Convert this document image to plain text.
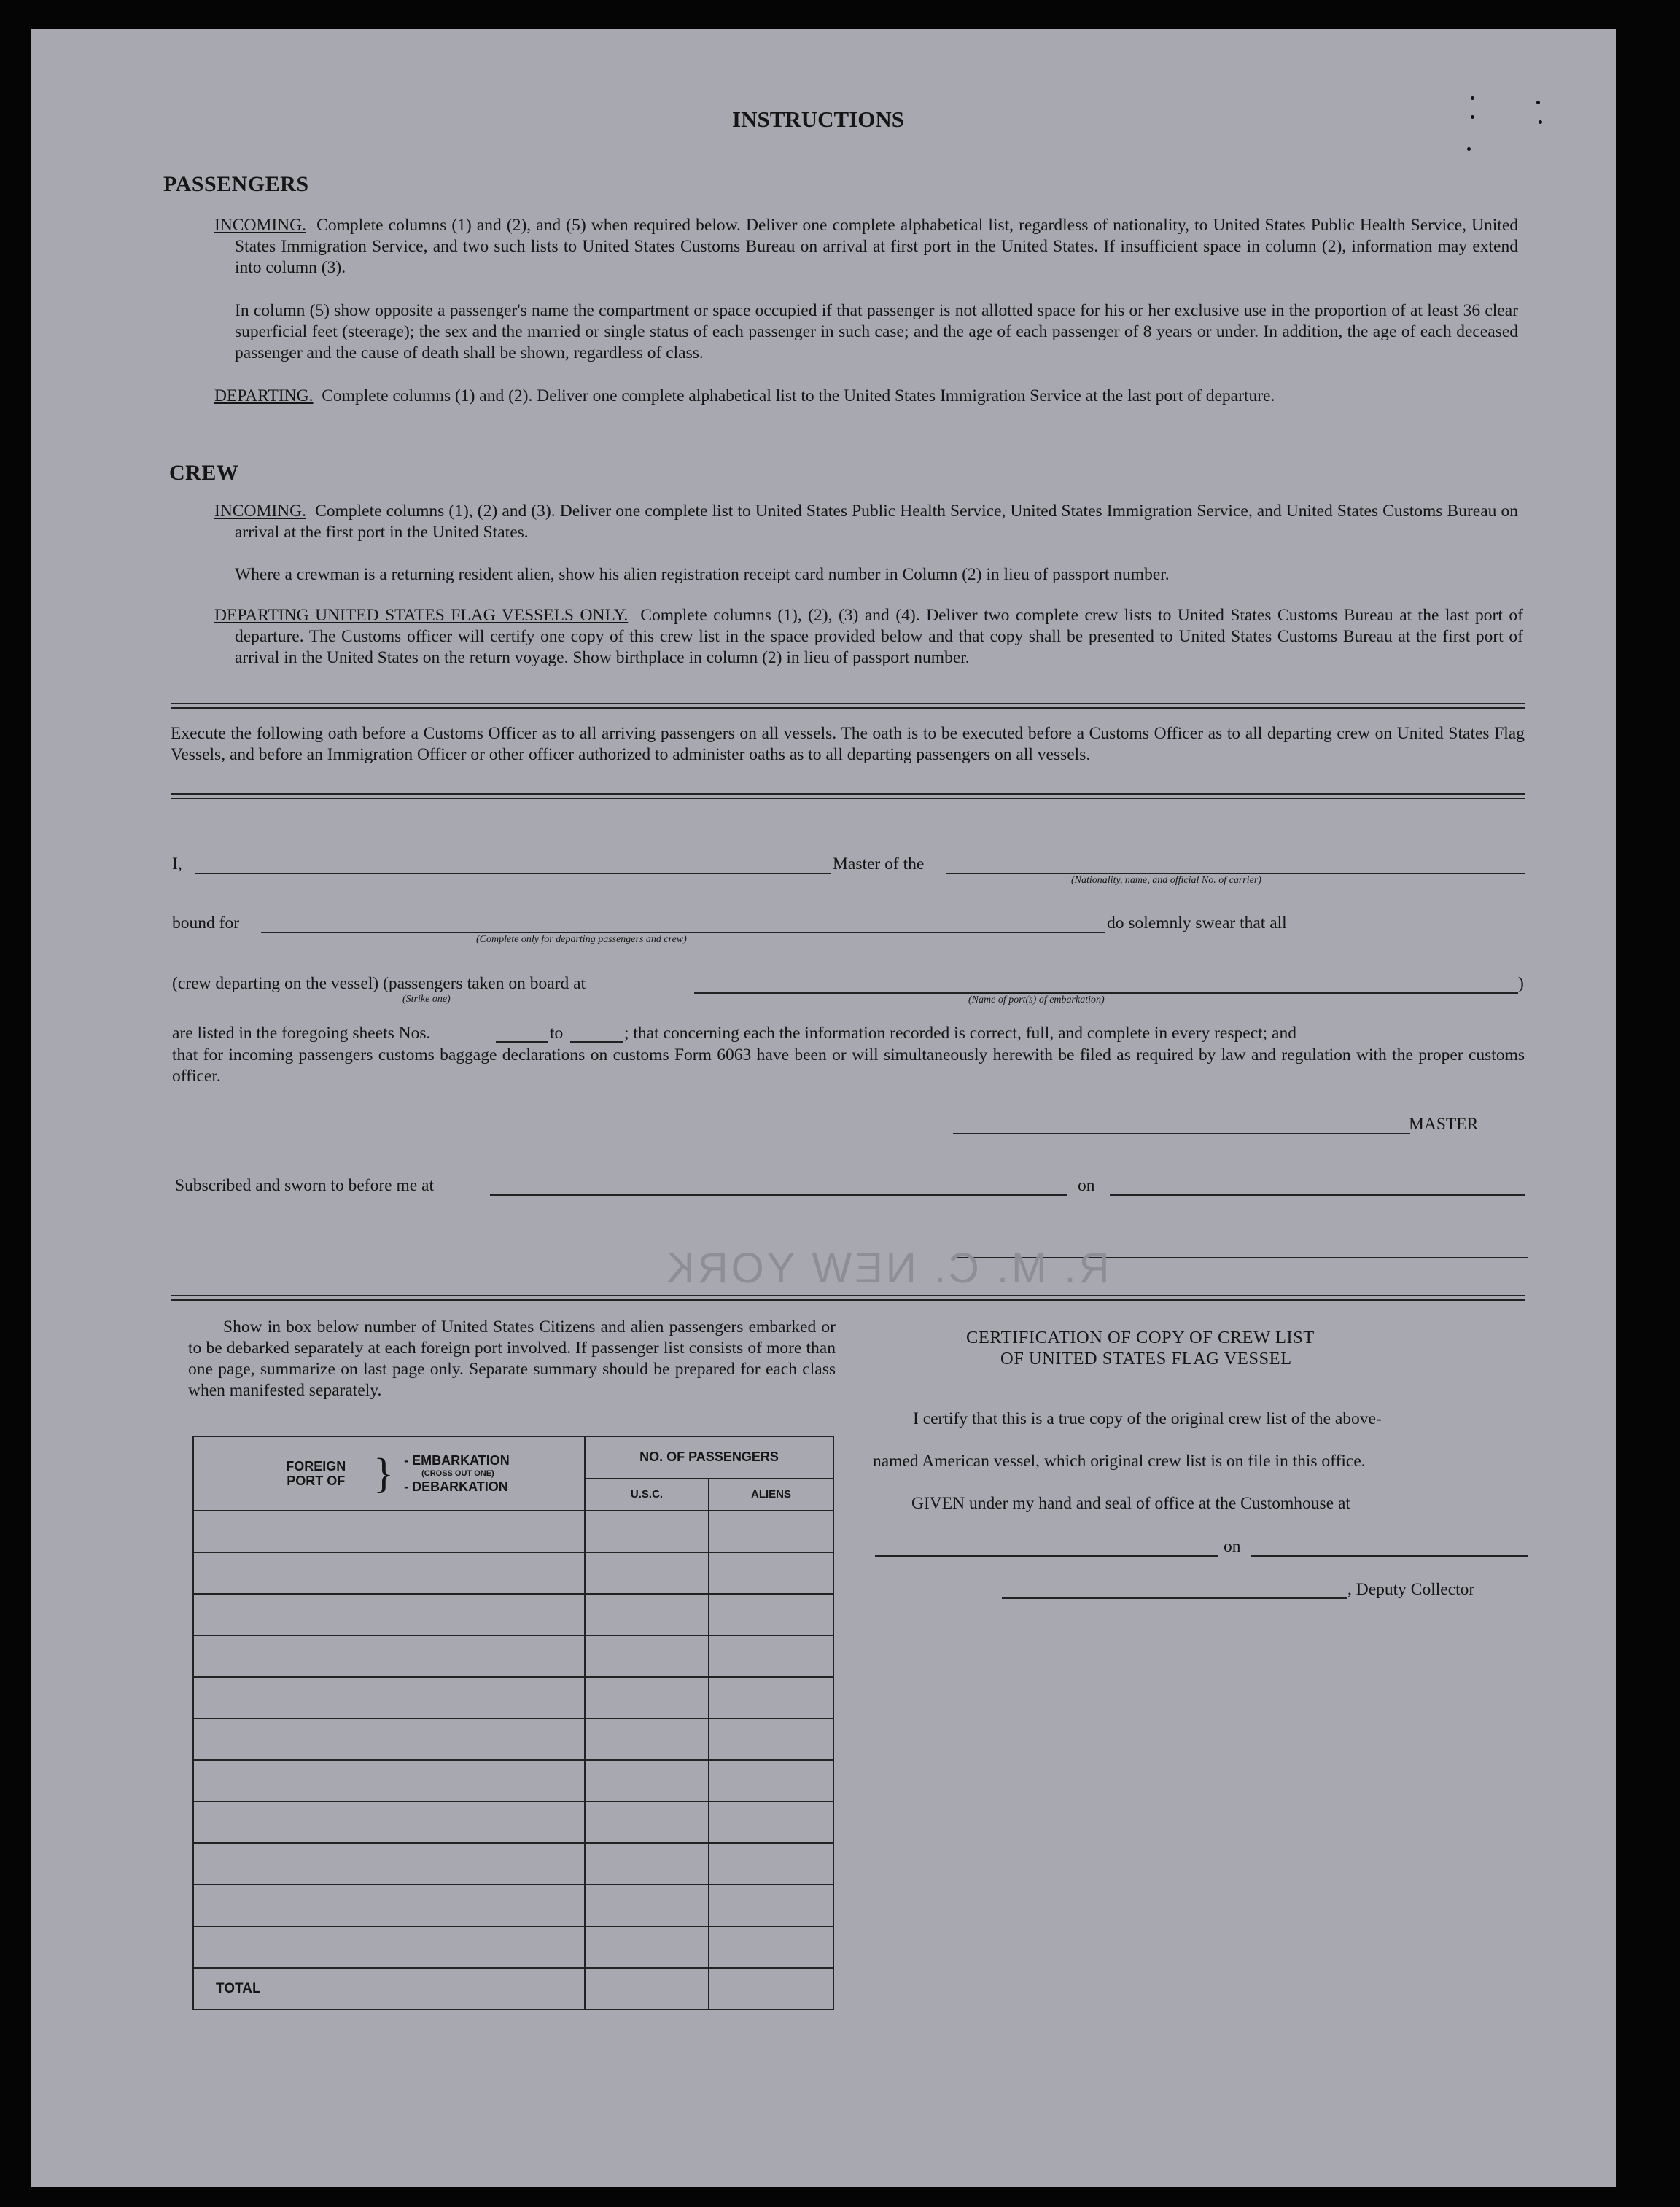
INSTRUCTIONS
PASSENGERS

INCOMING. Complete columns (1) and (2), and (5) when required below. Deliver one complete alphabetical list, regardless of nationality, to United States Public Health Service, United States Immigration Service, and two such lists to United States Customs Bureau on arrival at first port in the United States. If insufficient space in column (2), information may extend into column (3).

In column (5) show opposite a passenger's name the compartment or space occupied if that passenger is not allotted space for his or her exclusive use in the proportion of at least 36 clear superficial feet (steerage); the sex and the married or single status of each passenger in such case; and the age of each passenger of 8 years or under. In addition, the age of each deceased passenger and the cause of death shall be shown, regardless of class.

DEPARTING. Complete columns (1) and (2). Deliver one complete alphabetical list to the United States Immigration Service at the last port of departure.

CREW

INCOMING. Complete columns (1), (2) and (3). Deliver one complete list to United States Public Health Service, United States Immigration Service, and United States Customs Bureau on arrival at the first port in the United States.

Where a crewman is a returning resident alien, show his alien registration receipt card number in Column (2) in lieu of passport number.

DEPARTING UNITED STATES FLAG VESSELS ONLY. Complete columns (1), (2), (3) and (4). Deliver two complete crew lists to United States Customs Bureau at the last port of departure. The Customs officer will certify one copy of this crew list in the space provided below and that copy shall be presented to United States Customs Bureau at the first port of arrival in the United States on the return voyage. Show birthplace in column (2) in lieu of passport number.

Execute the following oath before a Customs Officer as to all arriving passengers on all vessels. The oath is to be executed before a Customs Officer as to all departing crew on United States Flag Vessels, and before an Immigration Officer or other officer authorized to administer oaths as to all departing passengers on all vessels.

I,	Master of the
(Nationality, name, and official No. of carrier)
bound for
(Complete only for departing passengers and crew)
do solemnly swear that all
(crew departing on the vessel) (passengers taken on board at
(Strike one)	(Name of port(s) of embarkation)
)
are listed in the foregoing sheets Nos.	to	; that concerning each the information recorded is correct, full, and complete in every respect; and

that for incoming passengers customs baggage declarations on customs Form 6063 have been or will simultaneously herewith be filed as required by law and regulation with the proper customs officer.

MASTER
Subscribed and sworn to before me at	on
R. M. C. NEW YORK

Show in box below number of United States Citizens and alien passengers embarked or to be debarked separately at each foreign port involved. If passenger list consists of more than one page, summarize on last page only. Separate summary should be prepared for each class when manifested separately.

FOREIGN PORT OF } - EMBARKATION
(CROSS OUT ONE)
- DEBARKATION	NO. OF PASSENGERS	
	U.S.C.	ALIENS

TOTAL		
CERTIFICATION OF COPY OF CREW LIST
OF UNITED STATES FLAG VESSEL
I certify that this is a true copy of the original crew list of the above-
named American vessel, which original crew list is on file in this office.
GIVEN under my hand and seal of office at the Customhouse at
on
, Deputy Collector
